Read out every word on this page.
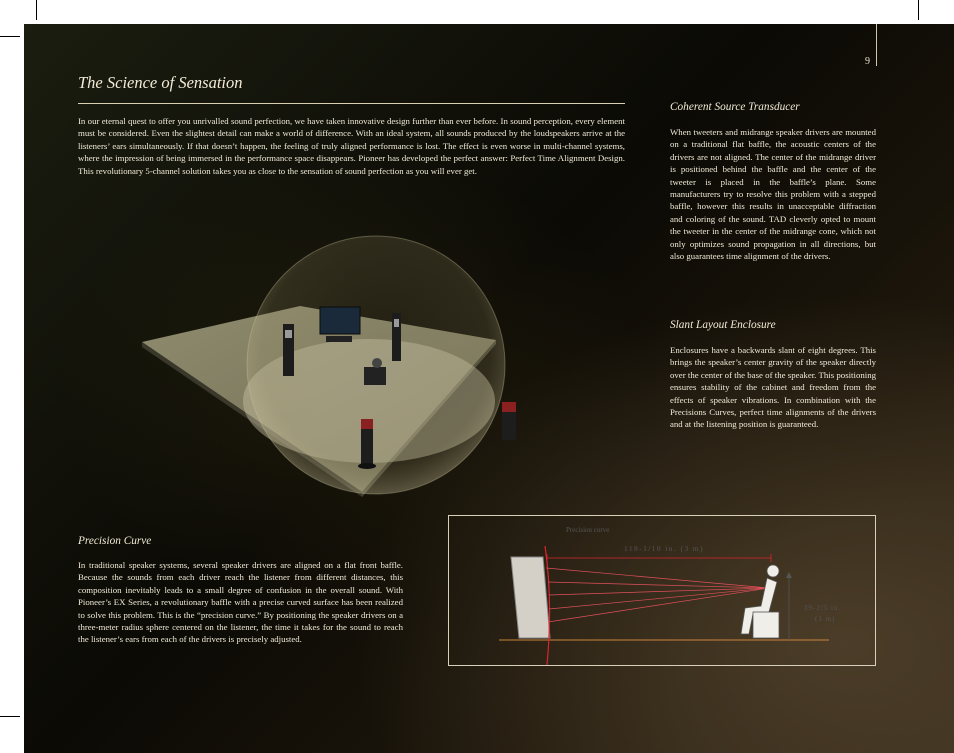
9
The Science of Sensation

In our eternal quest to offer you unrivalled sound perfection, we have taken innovative design further than ever before. In sound perception, every element must be considered. Even the slightest detail can make a world of difference. With an ideal system, all sounds produced by the loudspeakers arrive at the listeners’ ears simultaneously. If that doesn’t happen, the feeling of truly aligned performance is lost. The effect is even worse in multi-channel systems, where the impression of being immersed in the performance space disappears. Pioneer has developed the perfect answer: Perfect Time Alignment Design. This revolutionary 5-channel solution takes you as close to the sensation of sound perfection as you will ever get.

Coherent Source Transducer

When tweeters and midrange speaker drivers are mounted on a traditional flat baffle, the acoustic centers of the drivers are not aligned. The center of the midrange driver is positioned behind the baffle and the center of the tweeter is placed in the baffle’s plane. Some manufacturers try to resolve this problem with a stepped baffle, however this results in unacceptable diffraction and coloring of the sound. TAD cleverly opted to mount the tweeter in the center of the midrange cone, which not only optimizes sound propagation in all directions, but also guarantees time alignment of the drivers.

Slant Layout Enclosure

Enclosures have a backwards slant of eight degrees. This brings the speaker’s center gravity of the speaker directly over the center of the base of the speaker. This positioning ensures stability of the cabinet and freedom from the effects of speaker vibrations. In combination with the Precisions Curves, perfect time alignments of the drivers and at the listening position is guaranteed.

Precision Curve

In traditional speaker systems, several speaker drivers are aligned on a flat front baffle. Because the sounds from each driver reach the listener from different distances, this composition inevitably leads to a small degree of confusion in the overall sound. With Pioneer’s EX Series, a revolutionary baffle with a precise curved surface has been realized to solve this problem. This is the “precision curve.” By positioning the speaker drivers on a three-meter radius sphere centered on the listener, the time it takes for the sound to reach the listener’s ears from each of the drivers is precisely adjusted.

Precision curve
118-1/10 in. (3 m)
39-2/5 in.
(1 m)
